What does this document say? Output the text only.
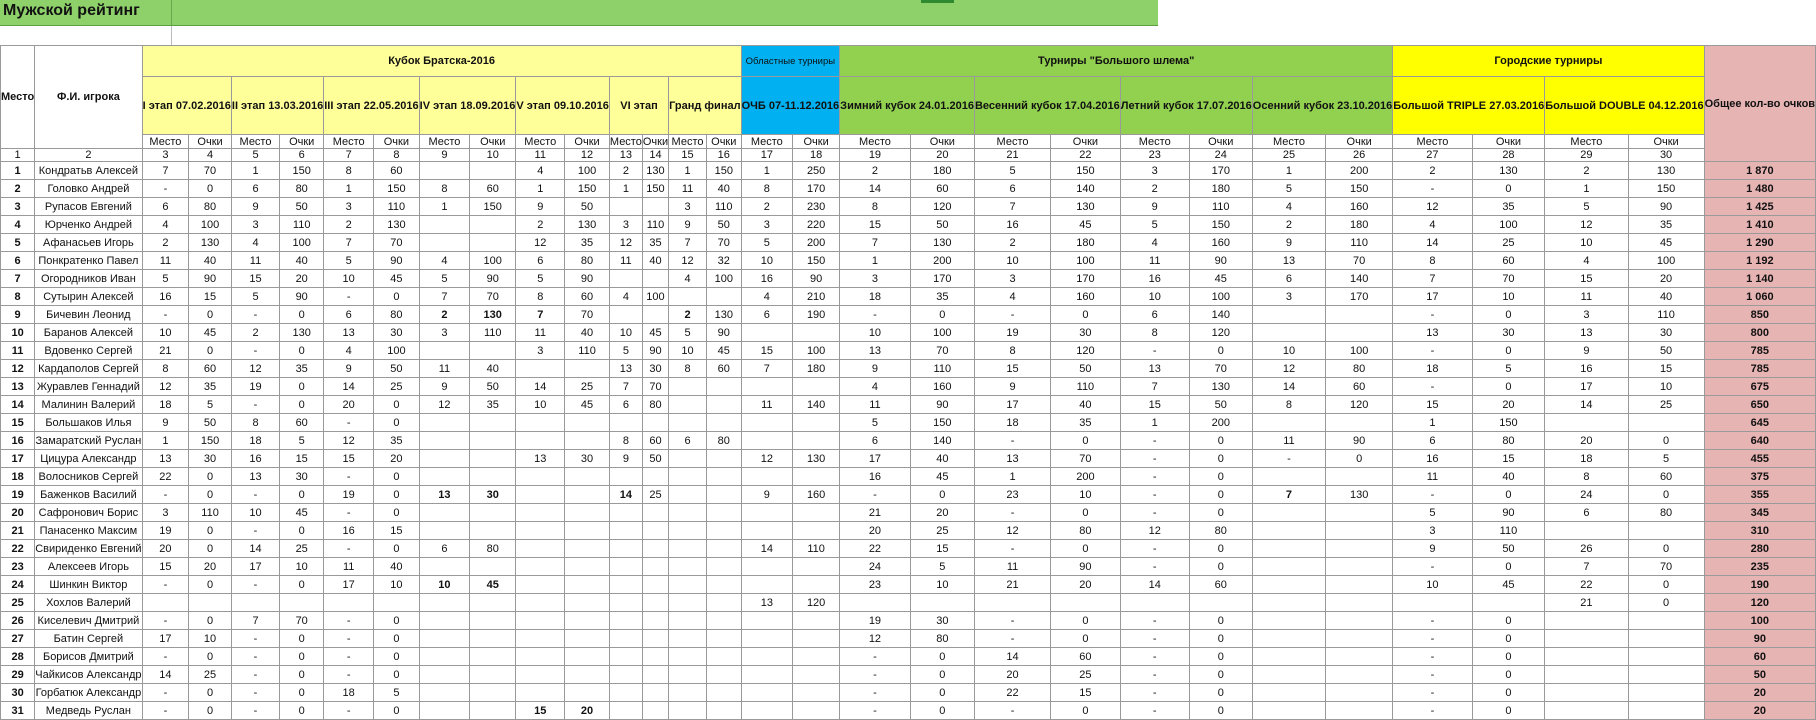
Мужской рейтинг
Место	Ф.И. игрока	Кубок Братска-2016														Областные турниры		Турниры "Большого шлема"								Городские турниры				Общее кол-во очков
		I этап 07.02.2016		II этап 13.03.2016		III этап 22.05.2016		IV этап 18.09.2016		V этап 09.10.2016		VI этап		Гранд финал		ОЧБ 07-11.12.2016		Зимний кубок 24.01.2016		Весенний кубок 17.04.2016		Летний кубок 17.07.2016		Осенний кубок 23.10.2016		Большой TRIPLE 27.03.2016		Большой DOUBLE 04.12.2016		
		Место	Очки	Место	Очки	Место	Очки	Место	Очки	Место	Очки	Место	Очки	Место	Очки	Место	Очки	Место	Очки	Место	Очки	Место	Очки	Место	Очки	Место	Очки	Место	Очки	
1	2	3	4	5	6	7	8	9	10	11	12	13	14	15	16	17	18	19	20	21	22	23	24	25	26	27	28	29	30	
1	Кондратьв Алексей	7	70	1	150	8	60			4	100	2	130	1	150	1	250	2	180	5	150	3	170	1	200	2	130	2	130	1 870
2	Головко Андрей	-	0	6	80	1	150	8	60	1	150	1	150	11	40	8	170	14	60	6	140	2	180	5	150	-	0	1	150	1 480
3	Рупасов Евгений	6	80	9	50	3	110	1	150	9	50			3	110	2	230	8	120	7	130	9	110	4	160	12	35	5	90	1 425
4	Юрченко Андрей	4	100	3	110	2	130			2	130	3	110	9	50	3	220	15	50	16	45	5	150	2	180	4	100	12	35	1 410
5	Афанасьев Игорь	2	130	4	100	7	70			12	35	12	35	7	70	5	200	7	130	2	180	4	160	9	110	14	25	10	45	1 290
6	Понкратенко Павел	11	40	11	40	5	90	4	100	6	80	11	40	12	32	10	150	1	200	10	100	11	90	13	70	8	60	4	100	1 192
7	Огородников Иван	5	90	15	20	10	45	5	90	5	90			4	100	16	90	3	170	3	170	16	45	6	140	7	70	15	20	1 140
8	Сутырин Алексей	16	15	5	90	-	0	7	70	8	60	4	100			4	210	18	35	4	160	10	100	3	170	17	10	11	40	1 060
9	Бичевин Леонид	-	0	-	0	6	80	2	130	7	70			2	130	6	190	-	0	-	0	6	140			-	0	3	110	850
10	Баранов Алексей	10	45	2	130	13	30	3	110	11	40	10	45	5	90			10	100	19	30	8	120			13	30	13	30	800
11	Вдовенко Сергей	21	0	-	0	4	100			3	110	5	90	10	45	15	100	13	70	8	120	-	0	10	100	-	0	9	50	785
12	Кардаполов Сергей	8	60	12	35	9	50	11	40			13	30	8	60	7	180	9	110	15	50	13	70	12	80	18	5	16	15	785
13	Журавлев Геннадий	12	35	19	0	14	25	9	50	14	25	7	70					4	160	9	110	7	130	14	60	-	0	17	10	675
14	Малинин Валерий	18	5	-	0	20	0	12	35	10	45	6	80			11	140	11	90	17	40	15	50	8	120	15	20	14	25	650
15	Большаков Илья	9	50	8	60	-	0											5	150	18	35	1	200			1	150			645
16	Замаратский Руслан	1	150	18	5	12	35					8	60	6	80			6	140	-	0	-	0	11	90	6	80	20	0	640
17	Цицура Александр	13	30	16	15	15	20			13	30	9	50			12	130	17	40	13	70	-	0	-	0	16	15	18	5	455
18	Волосников Сергей	22	0	13	30	-	0											16	45	1	200	-	0			11	40	8	60	375
19	Баженков Василий	-	0	-	0	19	0	13	30			14	25			9	160	-	0	23	10	-	0	7	130	-	0	24	0	355
20	Сафронович Борис	3	110	10	45	-	0											21	20	-	0	-	0			5	90	6	80	345
21	Панасенко Максим	19	0	-	0	16	15											20	25	12	80	12	80			3	110			310
22	Свириденко Евгений	20	0	14	25	-	0	6	80							14	110	22	15	-	0	-	0			9	50	26	0	280
23	Алексеев Игорь	15	20	17	10	11	40											24	5	11	90	-	0			-	0	7	70	235
24	Шинкин Виктор	-	0	-	0	17	10	10	45									23	10	21	20	14	60			10	45	22	0	190
25	Хохлов Валерий															13	120											21	0	120
26	Киселевич Дмитрий	-	0	7	70	-	0											19	30	-	0	-	0			-	0			100
27	Батин Сергей	17	10	-	0	-	0											12	80	-	0	-	0			-	0			90
28	Борисов Дмитрий	-	0	-	0	-	0											-	0	14	60	-	0			-	0			60
29	Чайкисов Александр	14	25	-	0	-	0											-	0	20	25	-	0			-	0			50
30	Горбатюк Александр	-	0	-	0	18	5											-	0	22	15	-	0			-	0			20
31	Медведь Руслан	-	0	-	0	-	0			15	20							-	0	-	0	-	0			-	0			20
